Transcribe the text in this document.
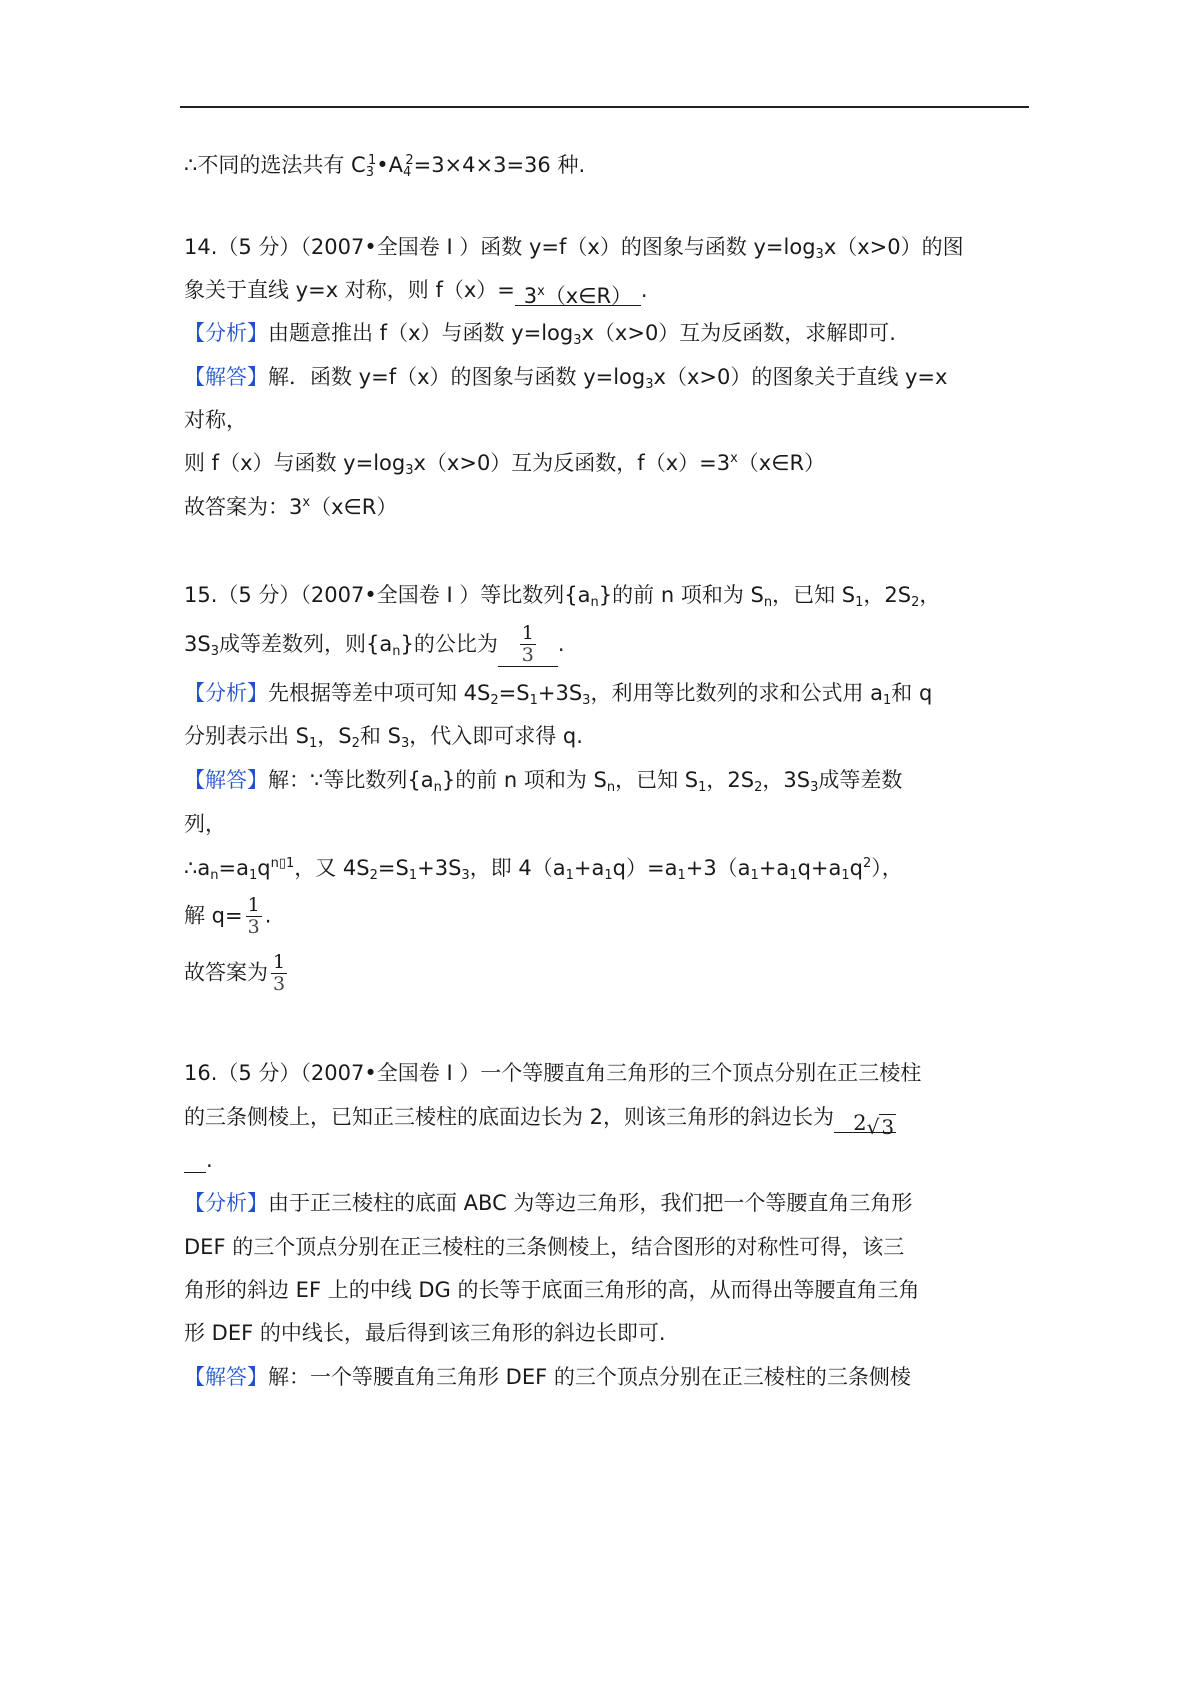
∴不同的选法共有 $C_3^1•A_4^2=3\times 4\times 3=36$ 种.
14.（5 分）（2007•全国卷 I ）函数 y=f（x）的图象与函数 $y=\log_3x(x>0)$的图
象关于直线 y=x 对称，则 $f(x)= 3^x(x\in R)$ .
【分析】由题意推出 f（x）与函数 $y=\log_3x(x>0)$互为反函数，求解即可.
【解答】解．函数 y=f（x）的图象与函数 $y=\log_3x(x>0)$的图象关于直线 y=x
对称，
则 f（x）与函数 $y=\log_3x(x>0)$互为反函数，$f(x)=3^x(x\in R)$
故答案为：3$^x$（x∈R）
15.（5 分）（2007•全国卷 I ）等比数列$\{a_n\}$的前 n 项和为 $S_n$，已知 $S_1$，$2S_2$，
$3S_3$成等差数列，则$\{a_n\}$的公比为 $\frac{1}{3}$ .
【分析】先根据等差中项可知 $4S_2=S_1+3S_3$，利用等比数列的求和公式用 $a_1$和 q
分别表示出 $S_1$，$S_2$和 $S_3$，代入即可求得 q.
【解答】解：∵等比数列$\{a_n\}$的前 n 项和为 $S_n$，已知 $S_1$，$2S_2$，$3S_3$成等差数
列，
$\therefore a_n=a_1q^{n▯1}$，又 $4S_2=S_1+3S_3$，即 $4(a_1+a_1q)=a_1+3(a_1+a_1q+a_1q^2)$，
解 $q= \frac{1}{3}$ .
故答案为 $\frac{1}{3}$
16.（5 分）（2007•全国卷 I ）一个等腰直角三角形的三个顶点分别在正三棱柱
的三条侧棱上，已知正三棱柱的底面边长为 2，则该三角形的斜边长为 2√ 3
.
【分析】由于正三棱柱的底面 ABC 为等边三角形，我们把一个等腰直角三角形
DEF 的三个顶点分别在正三棱柱的三条侧棱上，结合图形的对称性可得，该三
角形的斜边 EF 上的中线 DG 的长等于底面三角形的高，从而得出等腰直角三角
形 DEF 的中线长，最后得到该三角形的斜边长即可.
【解答】解：一个等腰直角三角形 DEF 的三个顶点分别在正三棱柱的三条侧棱
